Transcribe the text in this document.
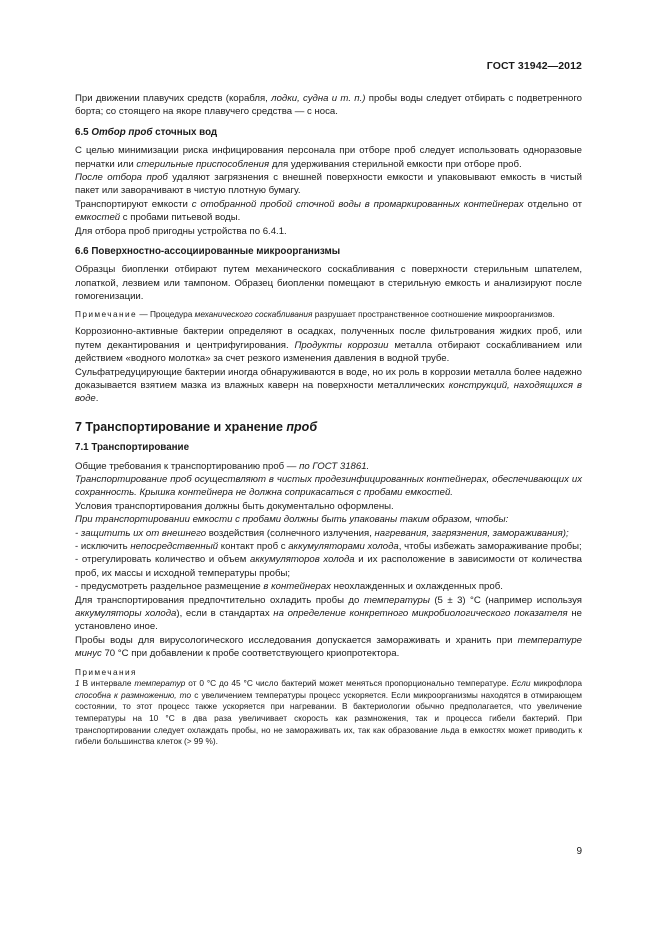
ГОСТ 31942—2012

При движении плавучих средств (корабля, лодки, судна и т. п.) пробы воды следует отбирать с подветренного борта; со стоящего на якоре плавучего средства — с носа.

6.5 Отбор проб сточных вод

С целью минимизации риска инфицирования персонала при отборе проб следует использовать одноразовые перчатки или стерильные приспособления для удерживания стерильной емкости при отборе проб.

После отбора проб удаляют загрязнения с внешней поверхности емкости и упаковывают емкость в чистый пакет или заворачивают в чистую плотную бумагу.

Транспортируют емкости с отобранной пробой сточной воды в промаркированных контейнерах отдельно от емкостей с пробами питьевой воды.

Для отбора проб пригодны устройства по 6.4.1.

6.6 Поверхностно-ассоциированные микроорганизмы

Образцы биопленки отбирают путем механического соскабливания с поверхности стерильным шпателем, лопаткой, лезвием или тампоном. Образец биопленки помещают в стерильную емкость и анализируют после гомогенизации.

Примечание — Процедура механического соскабливания разрушает пространственное соотношение микроорганизмов.

Коррозионно-активные бактерии определяют в осадках, полученных после фильтрования жидких проб, или путем декантирования и центрифугирования. Продукты коррозии металла отбирают соскабливанием или действием «водного молотка» за счет резкого изменения давления в водной трубе.

Сульфатредуцирующие бактерии иногда обнаруживаются в воде, но их роль в коррозии металла более надежно доказывается взятием мазка из влажных каверн на поверхности металлических конструкций, находящихся в воде.

7 Транспортирование и хранение проб
7.1 Транспортирование

Общие требования к транспортированию проб — по ГОСТ 31861.

Транспортирование проб осуществляют в чистых продезинфицированных контейнерах, обеспечивающих их сохранность. Крышка контейнера не должна соприкасаться с пробами емкостей.

Условия транспортирования должны быть документально оформлены.

При транспортировании емкости с пробами должны быть упакованы таким образом, чтобы:

- защитить их от внешнего воздействия (солнечного излучения, нагревания, загрязнения, замораживания);

- исключить непосредственный контакт проб с аккумуляторами холода, чтобы избежать замораживание пробы;

- отрегулировать количество и объем аккумуляторов холода и их расположение в зависимости от количества проб, их массы и исходной температуры пробы;

- предусмотреть раздельное размещение в контейнерах неохлажденных и охлажденных проб.

Для транспортирования предпочтительно охладить пробы до температуры (5 ± 3) °С (например используя аккумуляторы холода), если в стандартах на определение конкретного микробиологического показателя не установлено иное.

Пробы воды для вирусологического исследования допускается замораживать и хранить при температуре минус 70 °С при добавлении к пробе соответствующего криопротектора.

Примечания

1 В интервале температур от 0 °С до 45 °С число бактерий может меняться пропорционально температуре. Если микрофлора способна к размножению, то с увеличением температуры процесс ускоряется. Если микроорганизмы находятся в отмирающем состоянии, то этот процесс также ускоряется при нагревании. В бактериологии обычно предполагается, что увеличение температуры на 10 °С в два раза увеличивает скорость как размножения, так и процесса гибели бактерий. При транспортировании следует охлаждать пробы, но не замораживать их, так как образование льда в емкостях может приводить к гибели большинства клеток (> 99 %).

9
